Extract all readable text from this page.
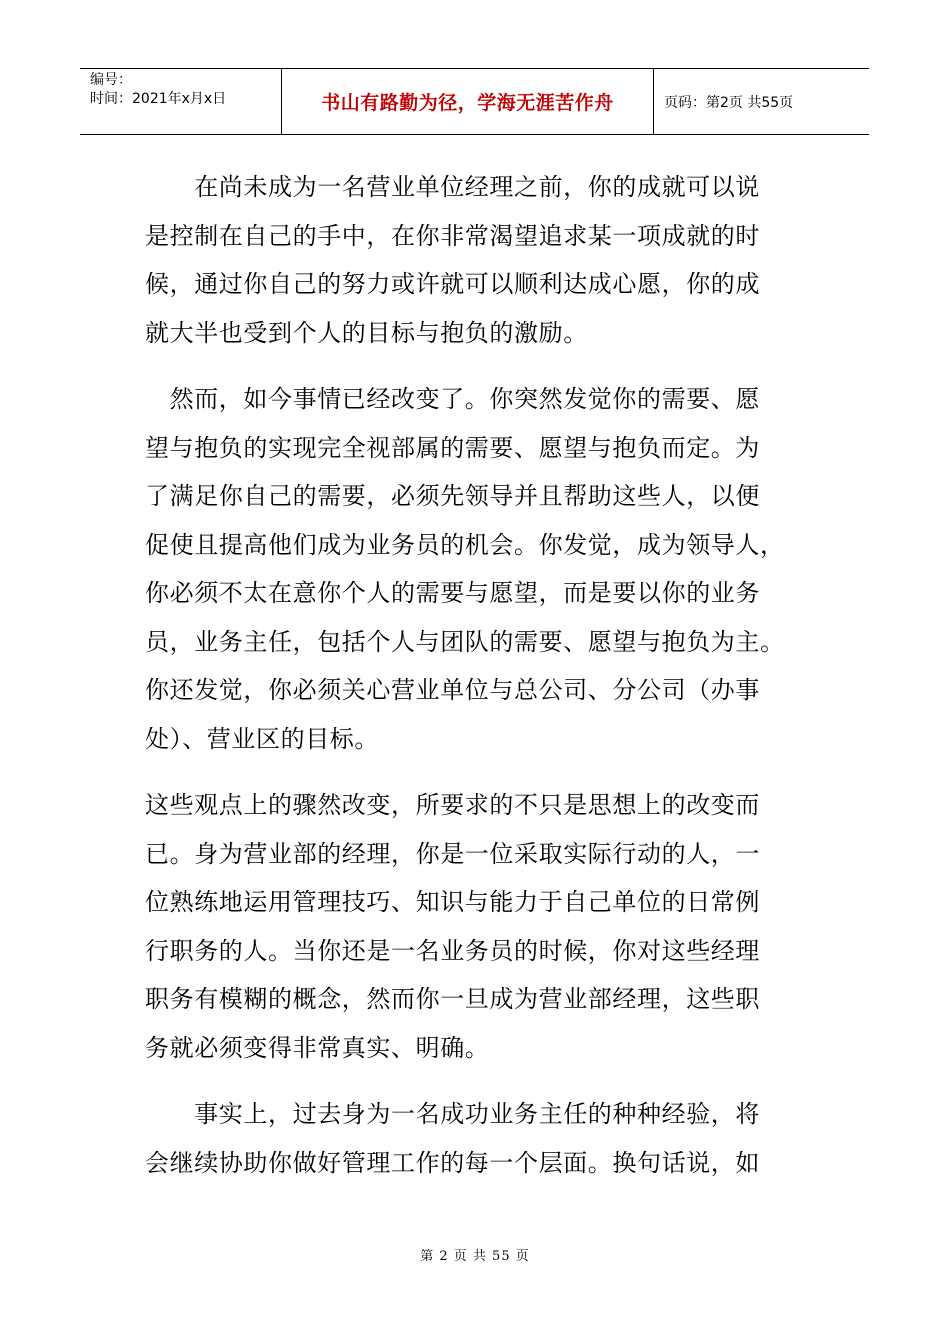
编号：
时间：2021年x月x日	书山有路勤为径，学海无涯苦作舟	页码：第2页 共55页
　　在尚未成为一名营业单位经理之前，你的成就可以说
是控制在自己的手中，在你非常渴望追求某一项成就的时
候，通过你自己的努力或许就可以顺利达成心愿，你的成
就大半也受到个人的目标与抱负的激励。
　然而，如今事情已经改变了。你突然发觉你的需要、愿
望与抱负的实现完全视部属的需要、愿望与抱负而定。为
了满足你自己的需要，必须先领导并且帮助这些人，以便
促使且提高他们成为业务员的机会。你发觉，成为领导人，
你必须不太在意你个人的需要与愿望，而是要以你的业务
员，业务主任，包括个人与团队的需要、愿望与抱负为主。
你还发觉，你必须关心营业单位与总公司、分公司（办事
处）、营业区的目标。
这些观点上的骤然改变，所要求的不只是思想上的改变而
已。身为营业部的经理，你是一位采取实际行动的人，一
位熟练地运用管理技巧、知识与能力于自己单位的日常例
行职务的人。当你还是一名业务员的时候，你对这些经理
职务有模糊的概念，然而你一旦成为营业部经理，这些职
务就必须变得非常真实、明确。
　　事实上，过去身为一名成功业务主任的种种经验，将
会继续协助你做好管理工作的每一个层面。换句话说，如
第 2 页 共 55 页
